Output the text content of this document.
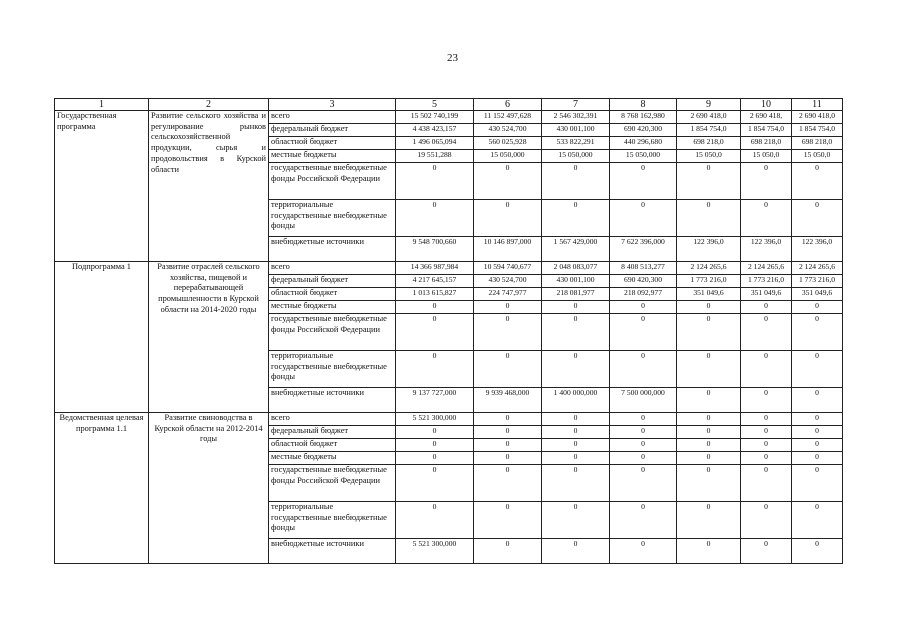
23
1	2	3	5	6	7	8	9	10	11
Государственная программа	Развитие сельского хозяйства и регулирование рынков сельскохозяйственной продукции, сырья и продовольствия в Курской области	всего	15 502 740,199	11 152 497,628	2 546 302,391	8 768 162,980	2 690 418,0	2 690 418,	2 690 418,0
		федеральный бюджет	4 438 423,157	430 524,700	430 001,100	690 420,300	1 854 754,0	1 854 754,0	1 854 754,0
		областной бюджет	1 496 065,094	560 025,928	533 822,291	440 296,680	698 218,0	698 218,0	698 218,0
		местные бюджеты	19 551,288	15 050,000	15 050,000	15 050,000	15 050,0	15 050,0	15 050,0
		государственные внебюджетные фонды Российской Федерации	0	0	0	0	0	0	0
		территориальные государственные внебюджетные фонды	0	0	0	0	0	0	0
		внебюджетные источники	9 548 700,660	10 146 897,000	1 567 429,000	7 622 396,000	122 396,0	122 396,0	122 396,0
Подпрограмма 1	Развитие отраслей сельского хозяйства, пищевой и перерабатывающей промышленности в Курской области на 2014-2020 годы	всего	14 366 987,984	10 594 740,677	2 048 083,077	8 408 513,277	2 124 265,6	2 124 265,6	2 124 265,6
		федеральный бюджет	4 217 645,157	430 524,700	430 001,100	690 420,300	1 773 216,0	1 773 216,0	1 773 216,0
		областной бюджет	1 013 615,827	224 747,977	218 081,977	218 092,977	351 049,6	351 049,6	351 049,6
		местные бюджеты	0	0	0	0	0	0	0
		государственные внебюджетные фонды Российской Федерации	0	0	0	0	0	0	0
		территориальные государственные внебюджетные фонды	0	0	0	0	0	0	0
		внебюджетные источники	9 137 727,000	9 939 468,000	1 400 000,000	7 500 000,000	0	0	0
Ведомственная целевая программа 1.1	Развитие свиноводства в Курской области на 2012-2014 годы	всего	5 521 300,000	0	0	0	0	0	0
		федеральный бюджет	0	0	0	0	0	0	0
		областной бюджет	0	0	0	0	0	0	0
		местные бюджеты	0	0	0	0	0	0	0
		государственные внебюджетные фонды Российской Федерации	0	0	0	0	0	0	0
		территориальные государственные внебюджетные фонды	0	0	0	0	0	0	0
		внебюджетные источники	5 521 300,000	0	0	0	0	0	0
